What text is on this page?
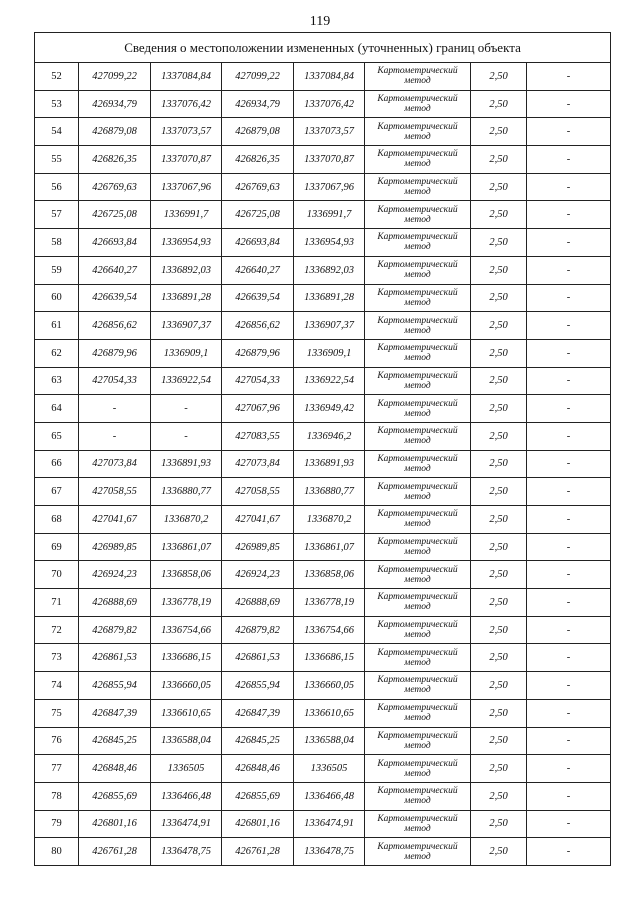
119
Сведения о местоположении измененных (уточненных) границ объекта							
52	427099,22	1337084,84	427099,22	1337084,84	Картометрический метод	2,50	-
53	426934,79	1337076,42	426934,79	1337076,42	Картометрический метод	2,50	-
54	426879,08	1337073,57	426879,08	1337073,57	Картометрический метод	2,50	-
55	426826,35	1337070,87	426826,35	1337070,87	Картометрический метод	2,50	-
56	426769,63	1337067,96	426769,63	1337067,96	Картометрический метод	2,50	-
57	426725,08	1336991,7	426725,08	1336991,7	Картометрический метод	2,50	-
58	426693,84	1336954,93	426693,84	1336954,93	Картометрический метод	2,50	-
59	426640,27	1336892,03	426640,27	1336892,03	Картометрический метод	2,50	-
60	426639,54	1336891,28	426639,54	1336891,28	Картометрический метод	2,50	-
61	426856,62	1336907,37	426856,62	1336907,37	Картометрический метод	2,50	-
62	426879,96	1336909,1	426879,96	1336909,1	Картометрический метод	2,50	-
63	427054,33	1336922,54	427054,33	1336922,54	Картометрический метод	2,50	-
64	-	-	427067,96	1336949,42	Картометрический метод	2,50	-
65	-	-	427083,55	1336946,2	Картометрический метод	2,50	-
66	427073,84	1336891,93	427073,84	1336891,93	Картометрический метод	2,50	-
67	427058,55	1336880,77	427058,55	1336880,77	Картометрический метод	2,50	-
68	427041,67	1336870,2	427041,67	1336870,2	Картометрический метод	2,50	-
69	426989,85	1336861,07	426989,85	1336861,07	Картометрический метод	2,50	-
70	426924,23	1336858,06	426924,23	1336858,06	Картометрический метод	2,50	-
71	426888,69	1336778,19	426888,69	1336778,19	Картометрический метод	2,50	-
72	426879,82	1336754,66	426879,82	1336754,66	Картометрический метод	2,50	-
73	426861,53	1336686,15	426861,53	1336686,15	Картометрический метод	2,50	-
74	426855,94	1336660,05	426855,94	1336660,05	Картометрический метод	2,50	-
75	426847,39	1336610,65	426847,39	1336610,65	Картометрический метод	2,50	-
76	426845,25	1336588,04	426845,25	1336588,04	Картометрический метод	2,50	-
77	426848,46	1336505	426848,46	1336505	Картометрический метод	2,50	-
78	426855,69	1336466,48	426855,69	1336466,48	Картометрический метод	2,50	-
79	426801,16	1336474,91	426801,16	1336474,91	Картометрический метод	2,50	-
80	426761,28	1336478,75	426761,28	1336478,75	Картометрический метод	2,50	-
